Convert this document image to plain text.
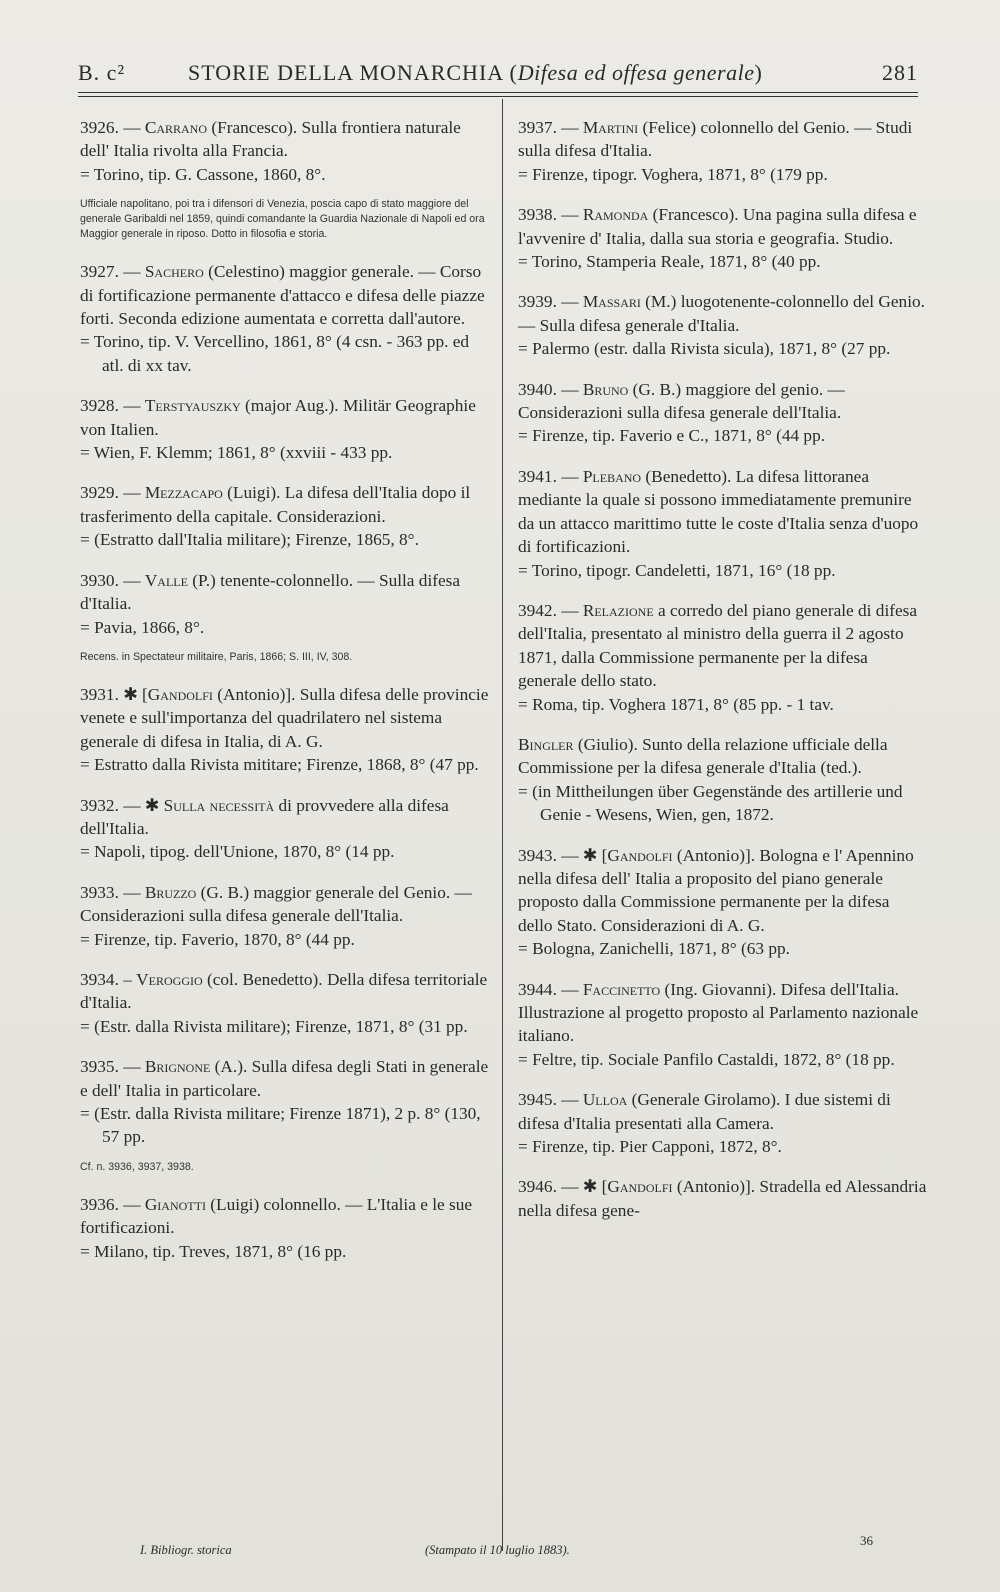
B. c²	STORIE DELLA MONARCHIA (Difesa ed offesa generale)	281

3926. — Carrano (Francesco). Sulla frontiera naturale dell' Italia rivolta alla Francia.

= Torino, tip. G. Cassone, 1860, 8°.

Ufficiale napolitano, poi tra i difensori di Venezia, poscia capo di stato maggiore del generale Garibaldi nel 1859, quindi comandante la Guardia Nazionale di Napoli ed ora Maggior generale in riposo. Dotto in filosofia e storia.

3927. — Sachero (Celestino) maggior generale. — Corso di fortificazione permanente d'attacco e difesa delle piazze forti. Seconda edizione aumentata e corretta dall'autore.

= Torino, tip. V. Vercellino, 1861, 8° (4 csn. - 363 pp. ed atl. di xx tav.

3928. — Terstyauszky (major Aug.). Militär Geographie von Italien.

= Wien, F. Klemm; 1861, 8° (xxviii - 433 pp.

3929. — Mezzacapo (Luigi). La difesa dell'Italia dopo il trasferimento della capitale. Considerazioni.

= (Estratto dall'Italia militare); Firenze, 1865, 8°.

3930. — Valle (P.) tenente-colonnello. — Sulla difesa d'Italia.

= Pavia, 1866, 8°.

Recens. in Spectateur militaire, Paris, 1866; S. III, IV, 308.

3931. ✱ [Gandolfi (Antonio)]. Sulla difesa delle provincie venete e sull'importanza del quadrilatero nel sistema generale di difesa in Italia, di A. G.

= Estratto dalla Rivista mititare; Firenze, 1868, 8° (47 pp.

3932. — ✱ Sulla necessità di provvedere alla difesa dell'Italia.

= Napoli, tipog. dell'Unione, 1870, 8° (14 pp.

3933. — Bruzzo (G. B.) maggior generale del Genio. — Considerazioni sulla difesa generale dell'Italia.

= Firenze, tip. Faverio, 1870, 8° (44 pp.

3934. – Veroggio (col. Benedetto). Della difesa territoriale d'Italia.

= (Estr. dalla Rivista militare); Firenze, 1871, 8° (31 pp.

3935. — Brignone (A.). Sulla difesa degli Stati in generale e dell' Italia in particolare.

= (Estr. dalla Rivista militare; Firenze 1871), 2 p. 8° (130, 57 pp.

Cf. n. 3936, 3937, 3938.

3936. — Gianotti (Luigi) colonnello. — L'Italia e le sue fortificazioni.

= Milano, tip. Treves, 1871, 8° (16 pp.

3937. — Martini (Felice) colonnello del Genio. — Studi sulla difesa d'Italia.

= Firenze, tipogr. Voghera, 1871, 8° (179 pp.

3938. — Ramonda (Francesco). Una pagina sulla difesa e l'avvenire d' Italia, dalla sua storia e geografia. Studio.

= Torino, Stamperia Reale, 1871, 8° (40 pp.

3939. — Massari (M.) luogotenente-colonnello del Genio. — Sulla difesa generale d'Italia.

= Palermo (estr. dalla Rivista sicula), 1871, 8° (27 pp.

3940. — Bruno (G. B.) maggiore del genio. — Considerazioni sulla difesa generale dell'Italia.

= Firenze, tip. Faverio e C., 1871, 8° (44 pp.

3941. — Plebano (Benedetto). La difesa littoranea mediante la quale si possono immediatamente premunire da un attacco marittimo tutte le coste d'Italia senza d'uopo di fortificazioni.

= Torino, tipogr. Candeletti, 1871, 16° (18 pp.

3942. — Relazione a corredo del piano generale di difesa dell'Italia, presentato al ministro della guerra il 2 agosto 1871, dalla Commissione permanente per la difesa generale dello stato.

= Roma, tip. Voghera 1871, 8° (85 pp. - 1 tav.

Bingler (Giulio). Sunto della relazione ufficiale della Commissione per la difesa generale d'Italia (ted.).

= (in Mittheilungen über Gegenstände des artillerie und Genie - Wesens, Wien, gen, 1872.

3943. — ✱ [Gandolfi (Antonio)]. Bologna e l' Apennino nella difesa dell' Italia a proposito del piano generale proposto dalla Commissione permanente per la difesa dello Stato. Considerazioni di A. G.

= Bologna, Zanichelli, 1871, 8° (63 pp.

3944. — Faccinetto (Ing. Giovanni). Difesa dell'Italia. Illustrazione al progetto proposto al Parlamento nazionale italiano.

= Feltre, tip. Sociale Panfilo Castaldi, 1872, 8° (18 pp.

3945. — Ulloa (Generale Girolamo). I due sistemi di difesa d'Italia presentati alla Camera.

= Firenze, tip. Pier Capponi, 1872, 8°.

3946. — ✱ [Gandolfi (Antonio)]. Stradella ed Alessandria nella difesa gene-

I. Bibliogr. storica	(Stampato il 10 luglio 1883).
36
